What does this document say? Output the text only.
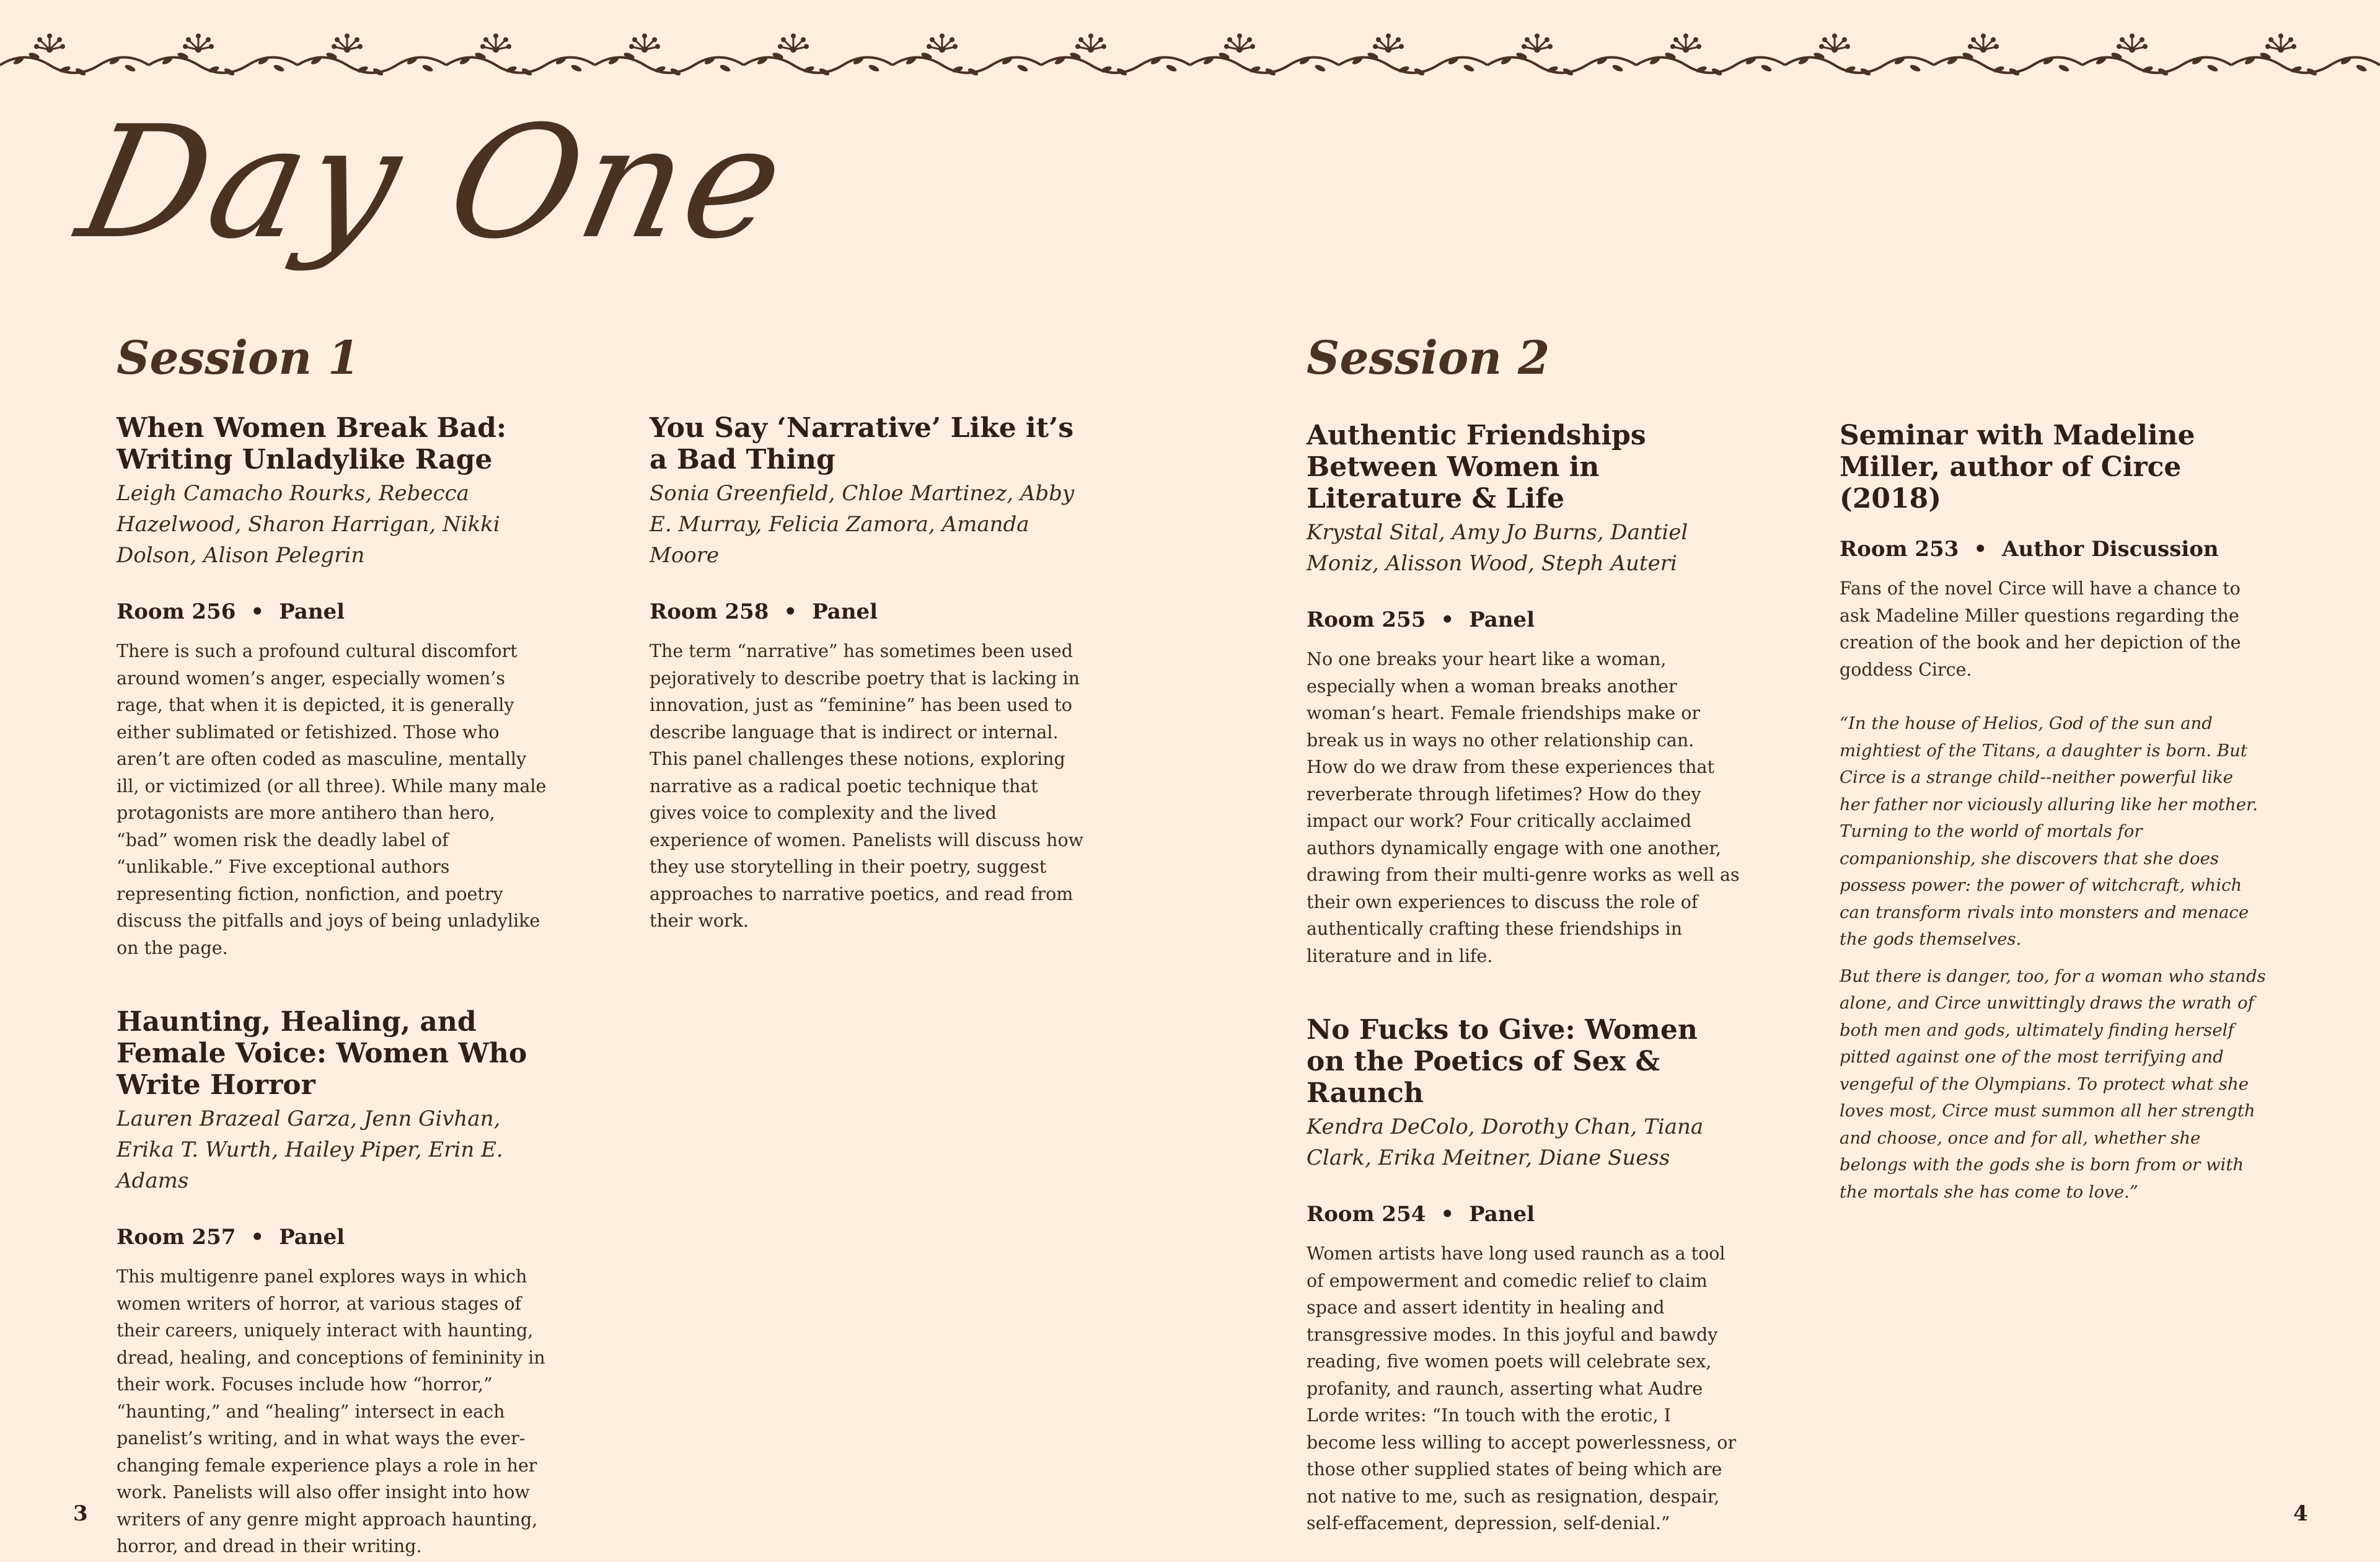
Day One
Session 1
When Women Break Bad: Writing Unladylike Rage
Leigh Camacho Rourks, Rebecca Hazelwood, Sharon Harrigan, Nikki Dolson, Alison Pelegrin
Room 256 • Panel

There is such a profound cultural discomfort around women’s anger, especially women’s rage, that when it is depicted, it is generally either sublimated or fetishized. Those who aren’t are often coded as masculine, mentally ill, or victimized (or all three). While many male protagonists are more antihero than hero, “bad” women risk the deadly label of “unlikable.” Five exceptional authors representing fiction, nonfiction, and poetry discuss the pitfalls and joys of being unladylike on the page.

Haunting, Healing, and Female Voice: Women Who Write Horror
Lauren Brazeal Garza, Jenn Givhan, Erika T. Wurth, Hailey Piper, Erin E. Adams
Room 257 • Panel

This multigenre panel explores ways in which women writers of horror, at various stages of their careers, uniquely interact with haunting, dread, healing, and conceptions of femininity in their work. Focuses include how “horror,” “haunting,” and “healing” intersect in each panelist’s writing, and in what ways the ever-changing female experience plays a role in her work. Panelists will also offer insight into how writers of any genre might approach haunting, horror, and dread in their writing.

You Say ‘Narrative’ Like it’s a Bad Thing
Sonia Greenfield, Chloe Martinez, Abby E. Murray, Felicia Zamora, Amanda Moore
Room 258 • Panel

The term “narrative” has sometimes been used pejoratively to describe poetry that is lacking in innovation, just as “feminine” has been used to describe language that is indirect or internal. This panel challenges these notions, exploring narrative as a radical poetic technique that gives voice to complexity and the lived experience of women. Panelists will discuss how they use storytelling in their poetry, suggest approaches to narrative poetics, and read from their work.

Session 2
Authentic Friendships Between Women in Literature & Life
Krystal Sital, Amy Jo Burns, Dantiel Moniz, Alisson Wood, Steph Auteri
Room 255 • Panel

No one breaks your heart like a woman, especially when a woman breaks another woman’s heart. Female friendships make or break us in ways no other relationship can. How do we draw from these experiences that reverberate through lifetimes? How do they impact our work? Four critically acclaimed authors dynamically engage with one another, drawing from their multi-genre works as well as their own experiences to discuss the role of authentically crafting these friendships in literature and in life.

No Fucks to Give: Women on the Poetics of Sex & Raunch
Kendra DeColo, Dorothy Chan, Tiana Clark, Erika Meitner, Diane Suess
Room 254 • Panel

Women artists have long used raunch as a tool of empowerment and comedic relief to claim space and assert identity in healing and transgressive modes. In this joyful and bawdy reading, five women poets will celebrate sex, profanity, and raunch, asserting what Audre Lorde writes: “In touch with the erotic, I become less willing to accept powerlessness, or those other supplied states of being which are not native to me, such as resignation, despair, self-effacement, depression, self-denial.”

Seminar with Madeline Miller, author of Circe (2018)
Room 253 • Author Discussion

Fans of the novel Circe will have a chance to ask Madeline Miller questions regarding the creation of the book and her depiction of the goddess Circe.

“In the house of Helios, God of the sun and mightiest of the Titans, a daughter is born. But Circe is a strange child--neither powerful like her father nor viciously alluring like her mother. Turning to the world of mortals for companionship, she discovers that she does possess power: the power of witchcraft, which can transform rivals into monsters and menace the gods themselves.

But there is danger, too, for a woman who stands alone, and Circe unwittingly draws the wrath of both men and gods, ultimately finding herself pitted against one of the most terrifying and vengeful of the Olympians. To protect what she loves most, Circe must summon all her strength and choose, once and for all, whether she belongs with the gods she is born from or with the mortals she has come to love.”

3	4
